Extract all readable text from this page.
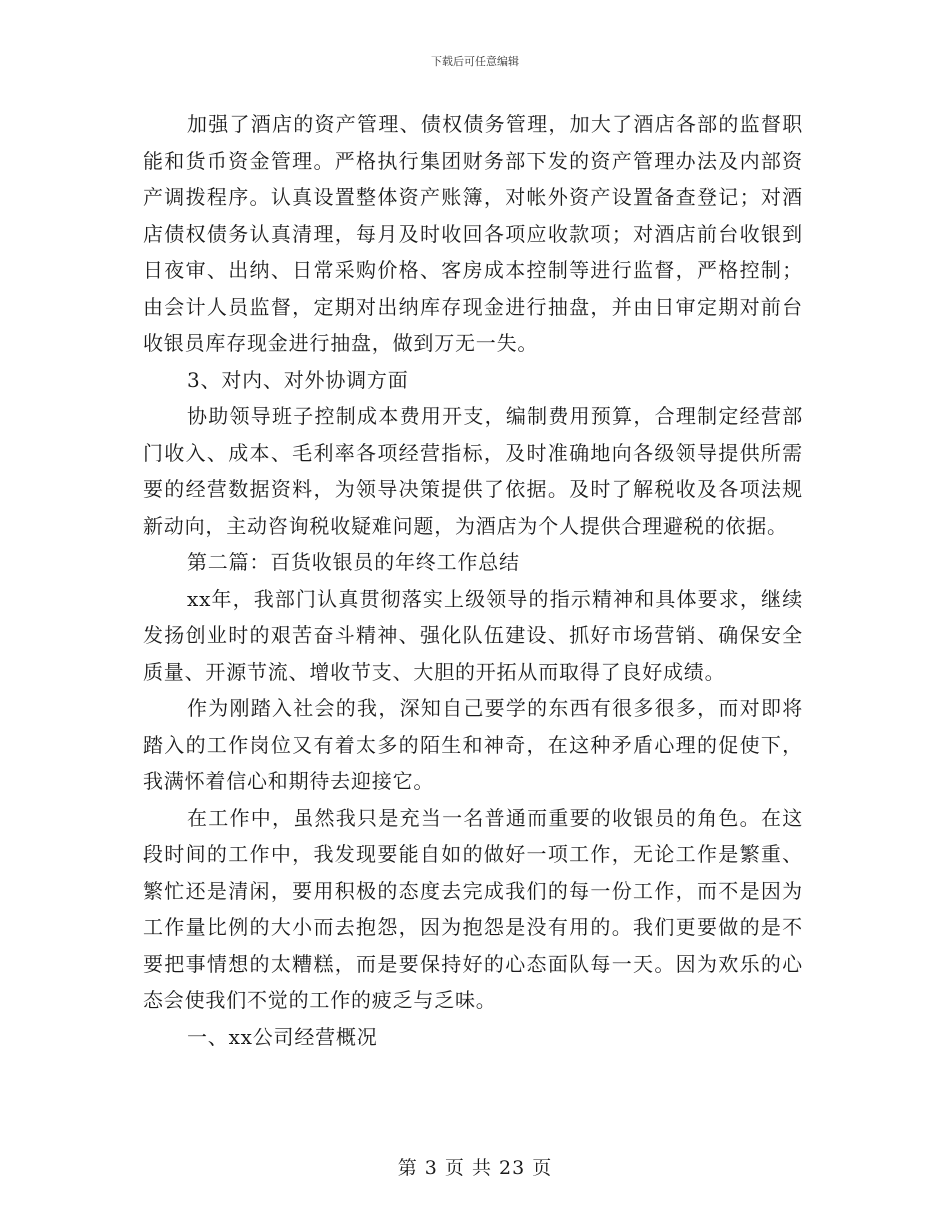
下载后可任意编辑

加强了酒店的资产管理、债权债务管理，加大了酒店各部的监督职能和货币资金管理。严格执行集团财务部下发的资产管理办法及内部资产调拨程序。认真设置整体资产账簿，对帐外资产设置备查登记；对酒店债权债务认真清理，每月及时收回各项应收款项；对酒店前台收银到日夜审、出纳、日常采购价格、客房成本控制等进行监督，严格控制；由会计人员监督，定期对出纳库存现金进行抽盘，并由日审定期对前台收银员库存现金进行抽盘，做到万无一失。

3、对内、对外协调方面

协助领导班子控制成本费用开支，编制费用预算，合理制定经营部门收入、成本、毛利率各项经营指标，及时准确地向各级领导提供所需要的经营数据资料，为领导决策提供了依据。及时了解税收及各项法规新动向，主动咨询税收疑难问题，为酒店为个人提供合理避税的依据。

第二篇：百货收银员的年终工作总结

xx年，我部门认真贯彻落实上级领导的指示精神和具体要求，继续发扬创业时的艰苦奋斗精神、强化队伍建设、抓好市场营销、确保安全质量、开源节流、增收节支、大胆的开拓从而取得了良好成绩。

作为刚踏入社会的我，深知自己要学的东西有很多很多，而对即将踏入的工作岗位又有着太多的陌生和神奇，在这种矛盾心理的促使下，我满怀着信心和期待去迎接它。

在工作中，虽然我只是充当一名普通而重要的收银员的角色。在这段时间的工作中，我发现要能自如的做好一项工作，无论工作是繁重、繁忙还是清闲，要用积极的态度去完成我们的每一份工作，而不是因为工作量比例的大小而去抱怨，因为抱怨是没有用的。我们更要做的是不要把事情想的太糟糕，而是要保持好的心态面队每一天。因为欢乐的心态会使我们不觉的工作的疲乏与乏味。

一、xx公司经营概况

第 3 页 共 23 页
